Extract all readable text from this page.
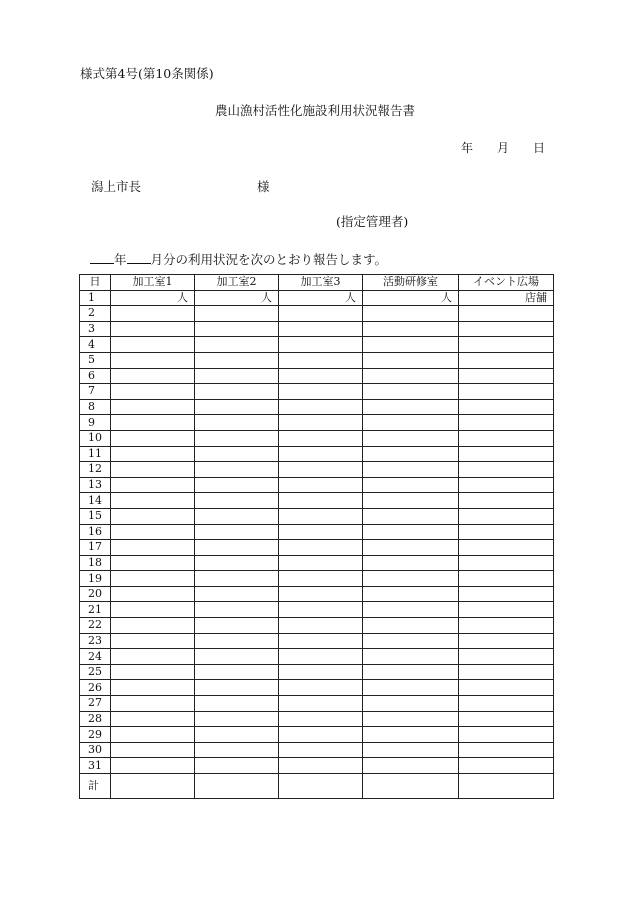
様式第4号(第10条関係)
農山漁村活性化施設利用状況報告書
年 月 日
潟上市長	様
(指定管理者)
年 月分の利用状況を次のとおり報告します。
日	加工室1	加工室2	加工室3	活動研修室	イベント広場
1	人	人	人	人	店舗
2					
3					
4					
5					
6					
7					
8					
9					
10					
11					
12					
13					
14					
15					
16					
17					
18					
19					
20					
21					
22					
23					
24					
25					
26					
27					
28					
29					
30					
31					
計					
